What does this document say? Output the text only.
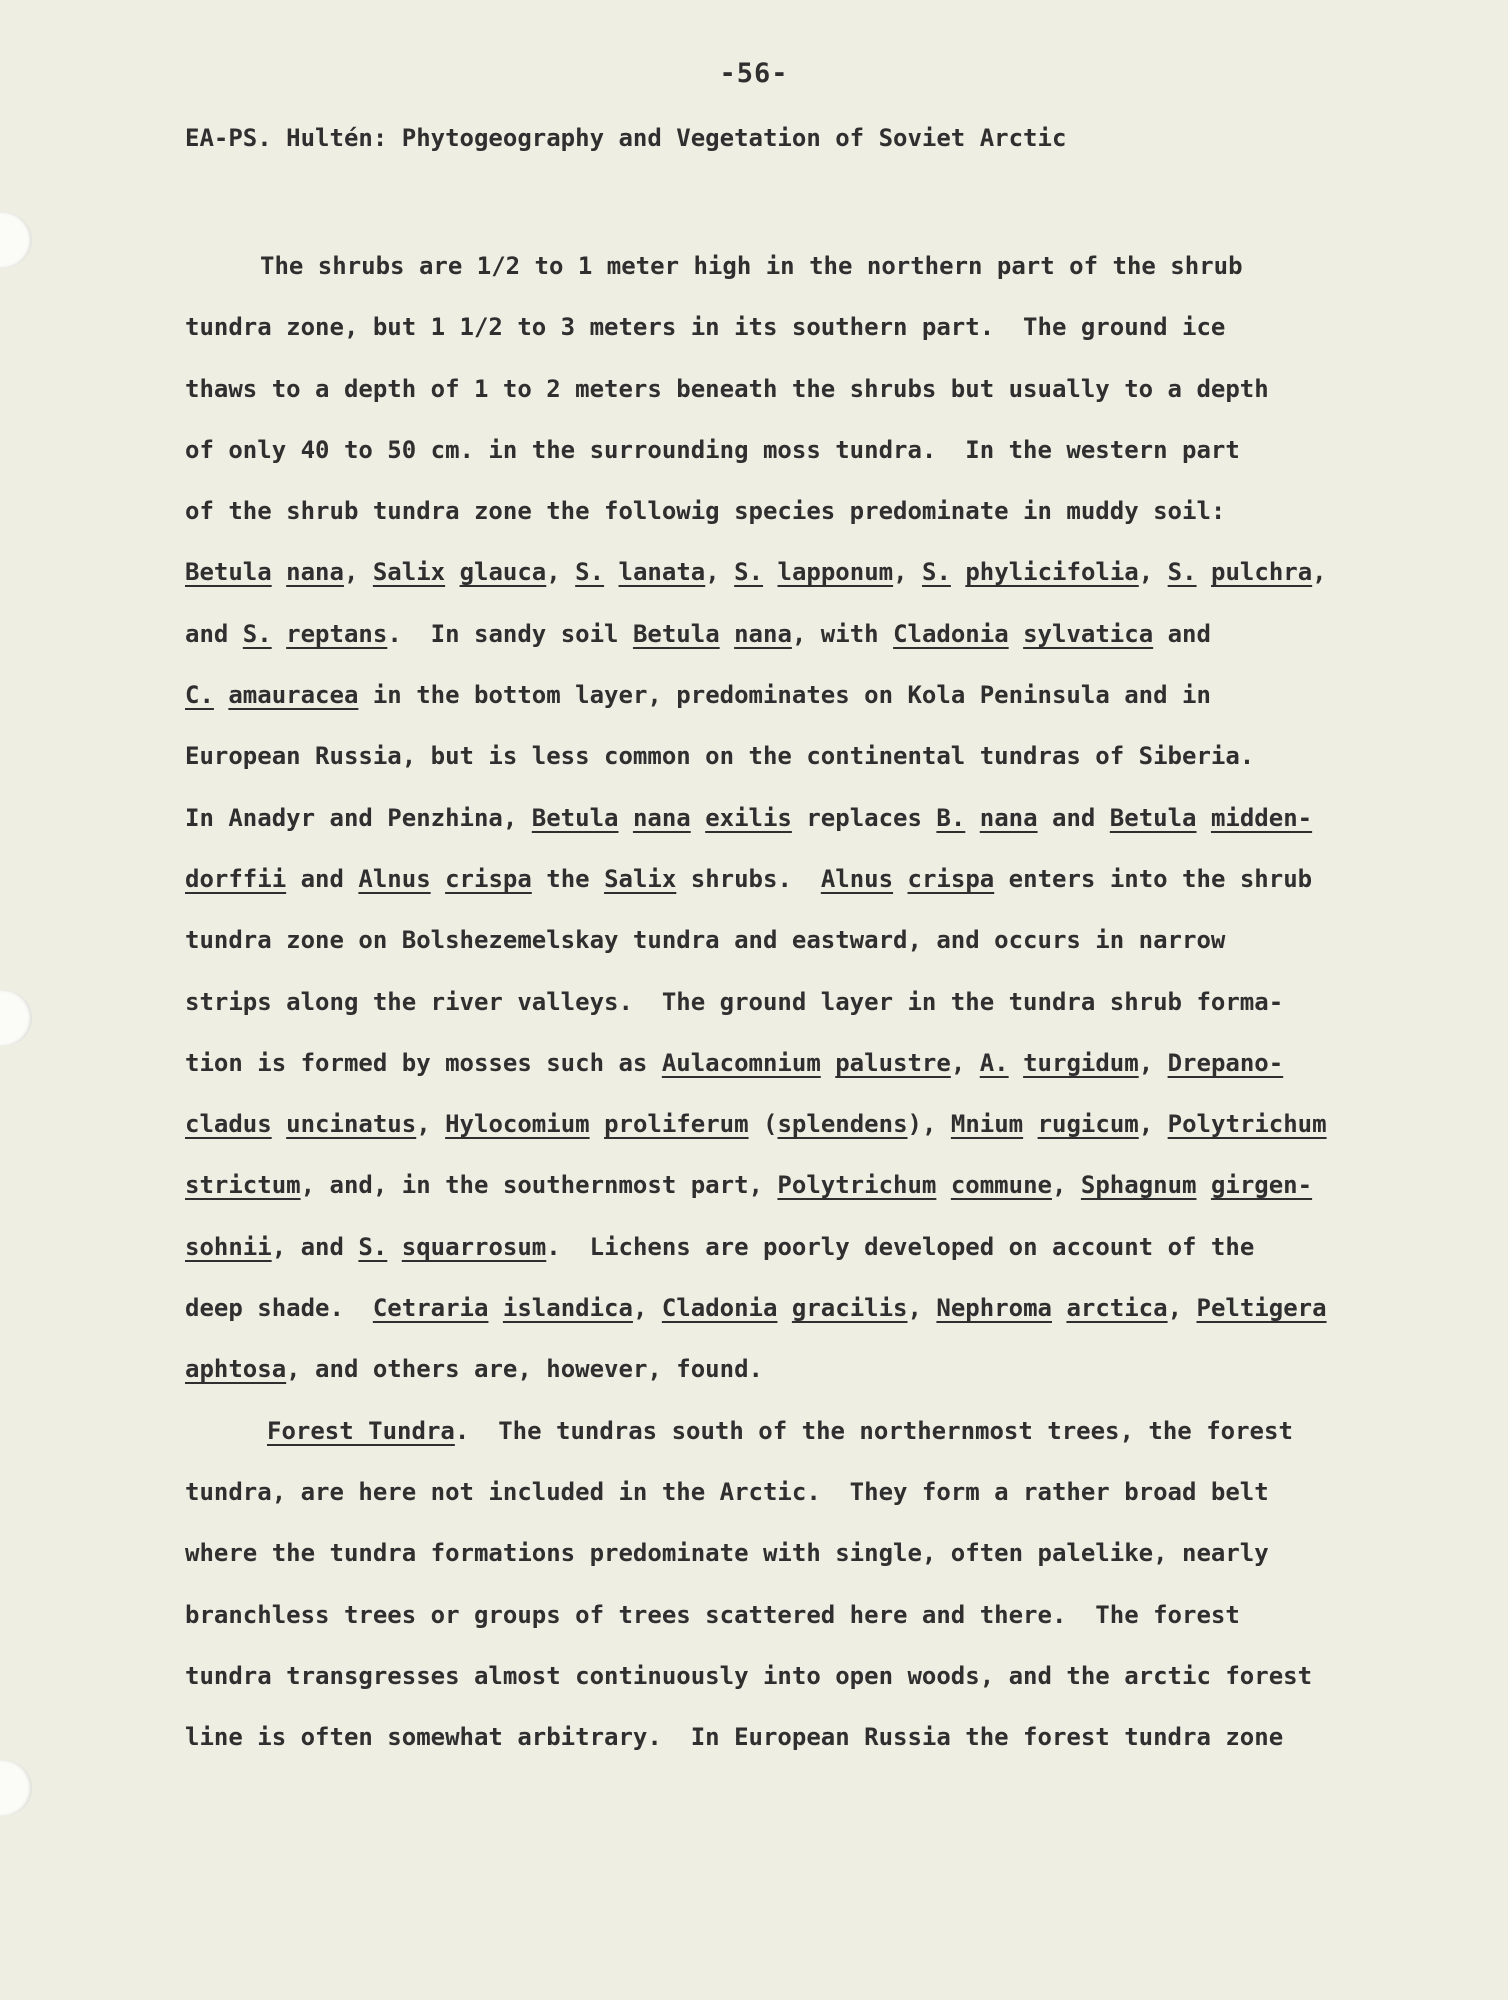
-56-
EA-PS. Hultén: Phytogeography and Vegetation of Soviet Arctic
The shrubs are 1/2 to 1 meter high in the northern part of the shrub
tundra zone, but 1 1/2 to 3 meters in its southern part.  The ground ice
thaws to a depth of 1 to 2 meters beneath the shrubs but usually to a depth
of only 40 to 50 cm. in the surrounding moss tundra.  In the western part
of the shrub tundra zone the followig species predominate in muddy soil:
Betula nana, Salix glauca, S. lanata, S. lapponum, S. phylicifolia, S. pulchra,
and S. reptans.  In sandy soil Betula nana, with Cladonia sylvatica and
C. amauracea in the bottom layer, predominates on Kola Peninsula and in
European Russia, but is less common on the continental tundras of Siberia.
In Anadyr and Penzhina, Betula nana exilis replaces B. nana and Betula midden-
dorffii and Alnus crispa the Salix shrubs.  Alnus crispa enters into the shrub
tundra zone on Bolshezemelskay tundra and eastward, and occurs in narrow
strips along the river valleys.  The ground layer in the tundra shrub forma-
tion is formed by mosses such as Aulacomnium palustre, A. turgidum, Drepano-
cladus uncinatus, Hylocomium proliferum (splendens), Mnium rugicum, Polytrichum
strictum, and, in the southernmost part, Polytrichum commune, Sphagnum girgen-
sohnii, and S. squarrosum.  Lichens are poorly developed on account of the
deep shade.  Cetraria islandica, Cladonia gracilis, Nephroma arctica, Peltigera
aphtosa, and others are, however, found.
Forest Tundra.  The tundras south of the northernmost trees, the forest
tundra, are here not included in the Arctic.  They form a rather broad belt
where the tundra formations predominate with single, often palelike, nearly
branchless trees or groups of trees scattered here and there.  The forest
tundra transgresses almost continuously into open woods, and the arctic forest
line is often somewhat arbitrary.  In European Russia the forest tundra zone
